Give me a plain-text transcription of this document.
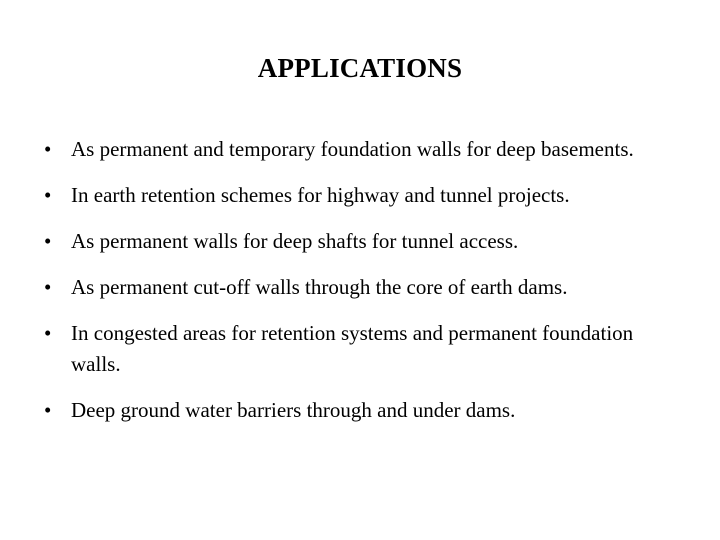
APPLICATIONS
• As permanent and temporary foundation walls for deep basements.
• In earth retention schemes for highway and tunnel projects.
• As permanent walls for deep shafts for tunnel access.
• As permanent cut-off walls through the core of earth dams.
• In congested areas for retention systems and permanent foundation walls.
• Deep ground water barriers through and under dams.
